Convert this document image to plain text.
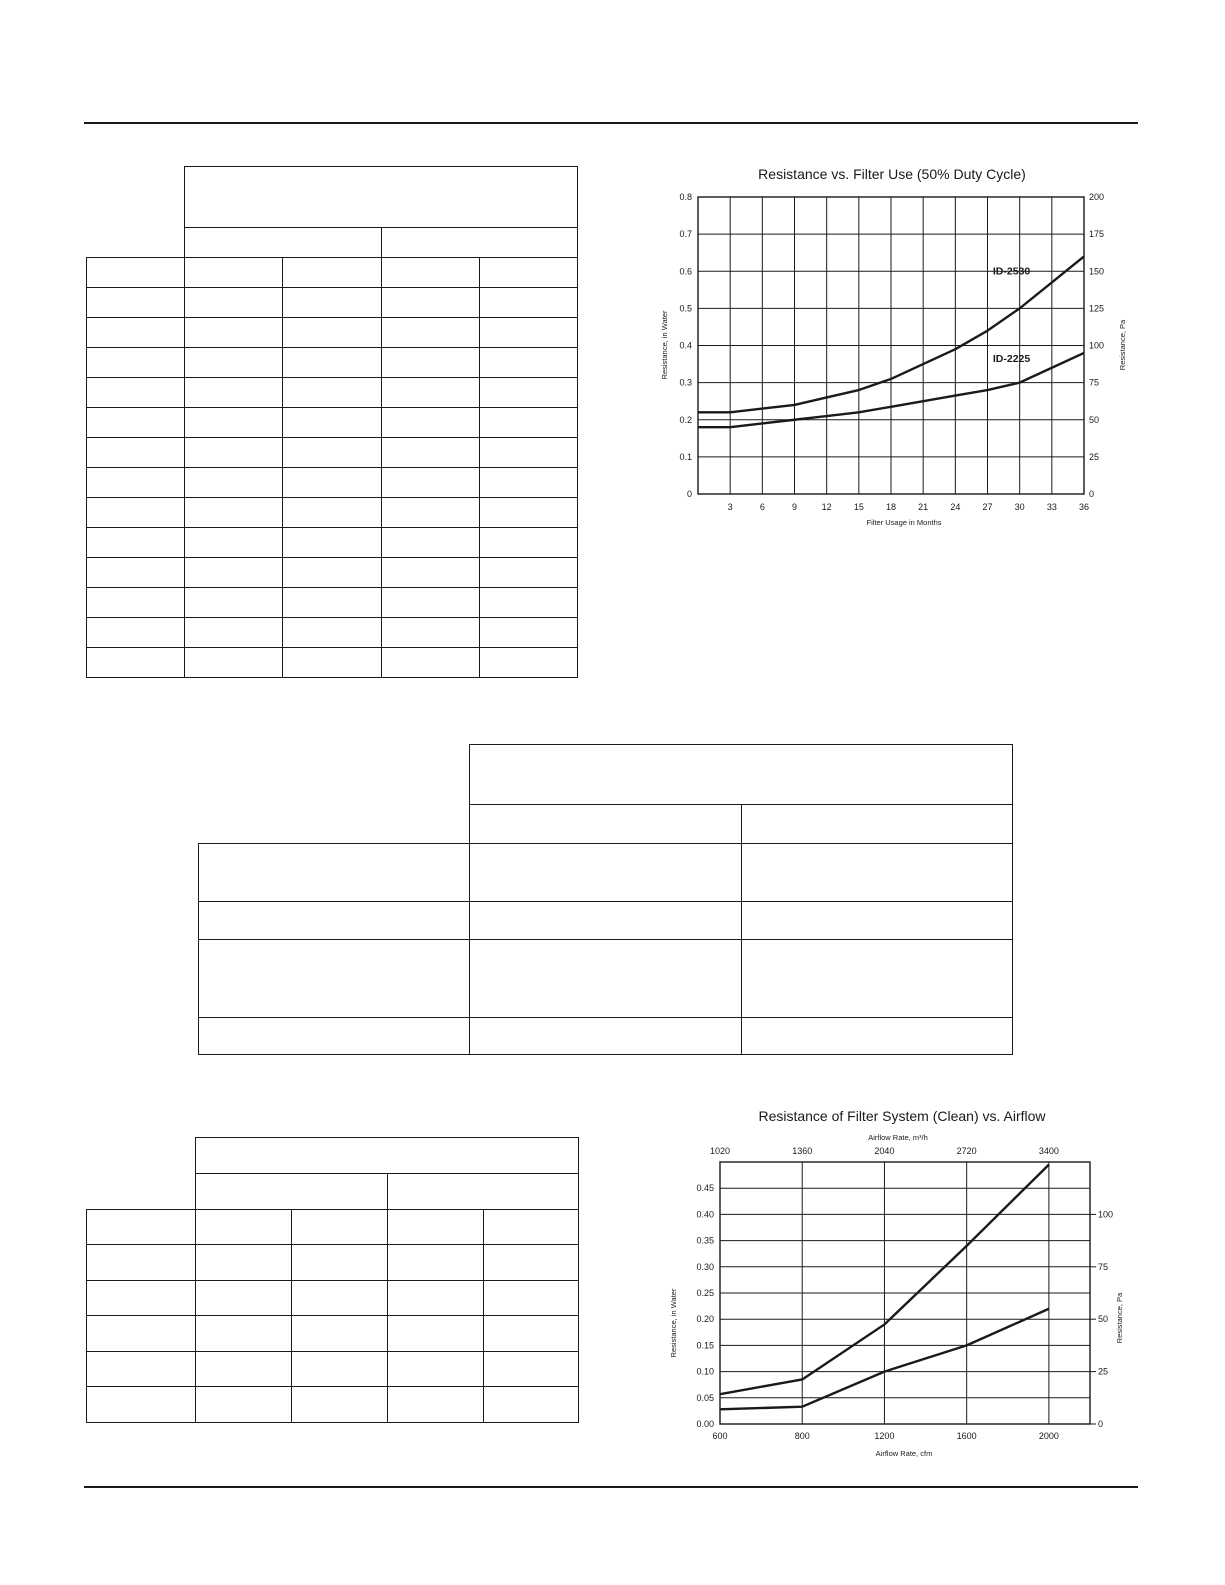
Resistance vs. Filter Use (50% Duty Cycle)
0
0.1
0.2
0.3
0.4
0.5
0.6
0.7
0.8
0
25
50
75
100
125
150
175
200
3	6	9	12 15 18 21 24 27 30 33 36
ID-2530
ID-2225
Filter Usage in Months
Resistance, in Water	Resistance, Pa
Resistance of Filter System (Clean) vs. Airflow
Airflow Rate, m³/h
0.00
0.05
0.10
0.15
0.20
0.25
0.30
0.35
0.40
0.45
0
25
50
75
100
600	800	1200	1600	2000
1020	1360	2040	2720	3400
Airflow Rate, cfm
Resistance, in Water	Resistance, Pa
